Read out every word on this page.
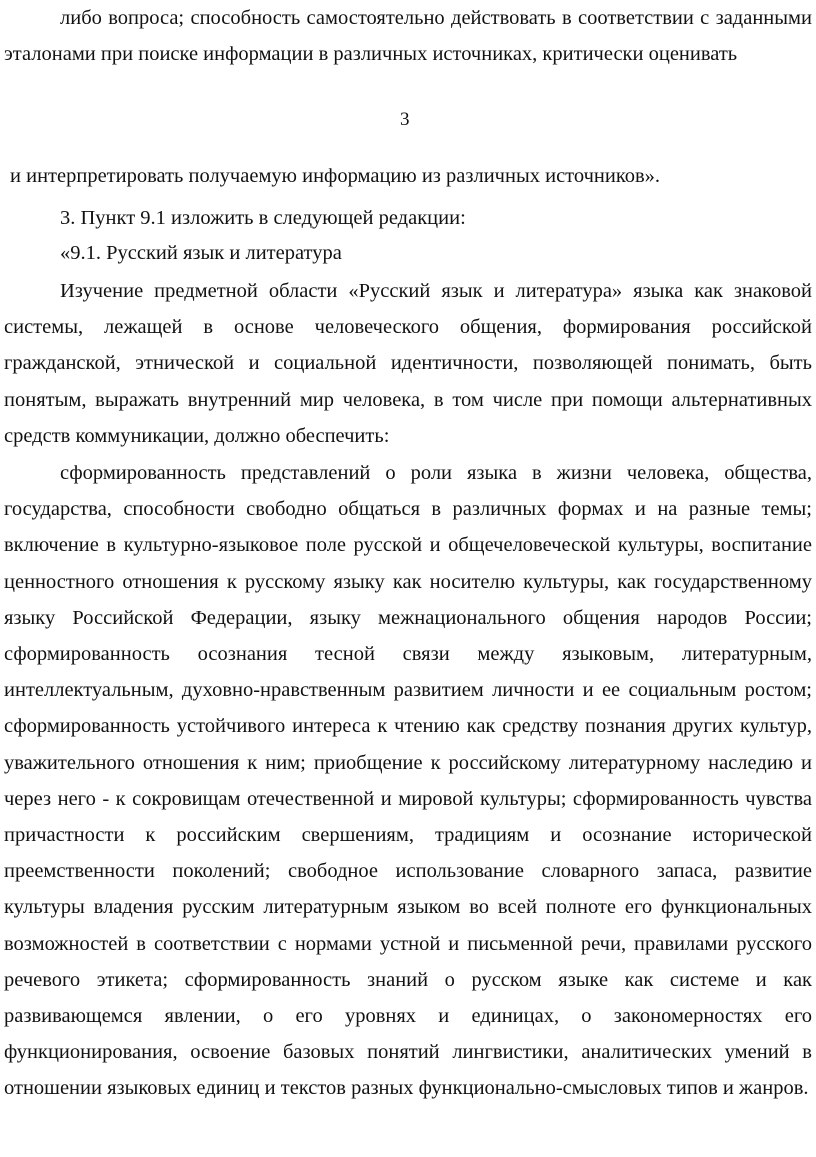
либо вопроса; способность самостоятельно действовать в соответствии с заданными эталонами при поиске информации в различных источниках, критически оценивать

3

и интерпретировать получаемую информацию из различных источников».

3. Пункт 9.1 изложить в следующей редакции:

«9.1. Русский язык и литература

Изучение предметной области «Русский язык и литература» языка как знаковой системы, лежащей в основе человеческого общения, формирования российской гражданской, этнической и социальной идентичности, позволяющей понимать, быть понятым, выражать внутренний мир человека, в том числе при помощи альтернативных средств коммуникации, должно обеспечить:

сформированность представлений о роли языка в жизни человека, общества, государства, способности свободно общаться в различных формах и на разные темы; включение в культурно-языковое поле русской и общечеловеческой культуры, воспитание ценностного отношения к русскому языку как носителю культуры, как государственному языку Российской Федерации, языку межнационального общения народов России; сформированность осознания тесной связи между языковым, литературным, интеллектуальным, духовно-нравственным развитием личности и ее социальным ростом; сформированность устойчивого интереса к чтению как средству познания других культур, уважительного отношения к ним; приобщение к российскому литературному наследию и через него - к сокровищам отечественной и мировой культуры; сформированность чувства причастности к российским свершениям, традициям и осознание исторической преемственности поколений; свободное использование словарного запаса, развитие культуры владения русским литературным языком во всей полноте его функциональных возможностей в соответствии с нормами устной и письменной речи, правилами русского речевого этикета; сформированность знаний о русском языке как системе и как развивающемся явлении, о его уровнях и единицах, о закономерностях его функционирования, освоение базовых понятий лингвистики, аналитических умений в отношении языковых единиц и текстов разных функционально-смысловых типов и жанров.
